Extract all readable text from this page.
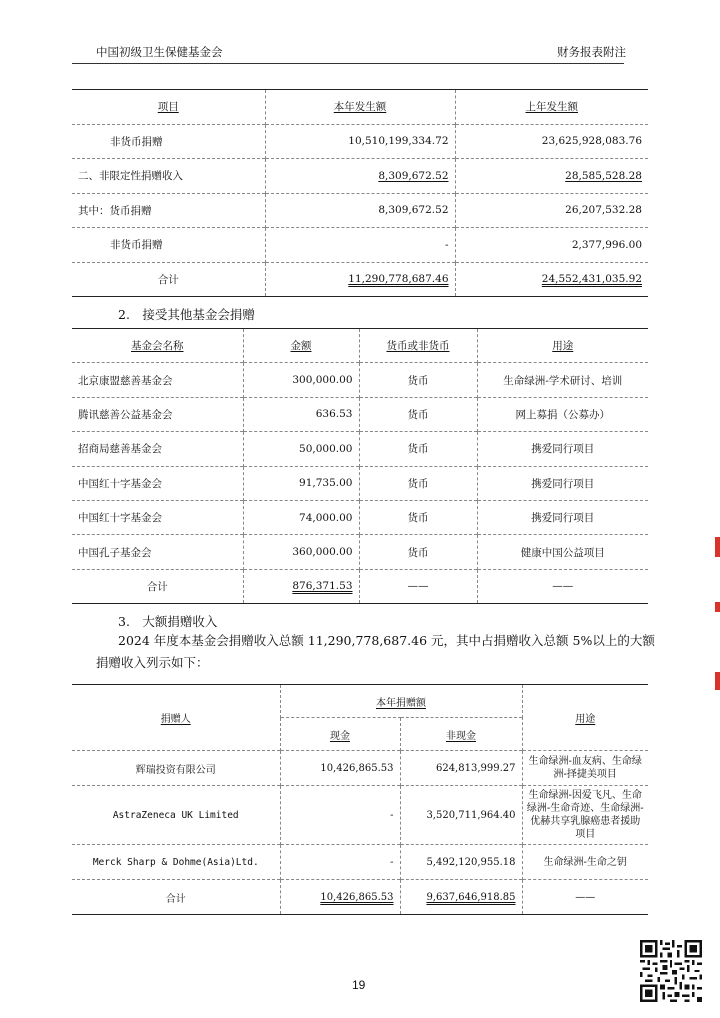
中国初级卫生保健基金会	财务报表附注
项目	本年发生额	上年发生额
非货币捐赠	10,510,199,334.72	23,625,928,083.76
二、非限定性捐赠收入	8,309,672.52	28,585,528.28
其中：货币捐赠	8,309,672.52	26,207,532.28
非货币捐赠	-	2,377,996.00
合计	11,290,778,687.46	24,552,431,035.92
2.　接受其他基金会捐赠
基金会名称	金额	货币或非货币	用途
北京康盟慈善基金会	300,000.00	货币	生命绿洲-学术研讨、培训
腾讯慈善公益基金会	636.53	货币	网上募捐（公募办）
招商局慈善基金会	50,000.00	货币	携爱同行项目
中国红十字基金会	91,735.00	货币	携爱同行项目
中国红十字基金会	74,000.00	货币	携爱同行项目
中国孔子基金会	360,000.00	货币	健康中国公益项目
合计	876,371.53	——	——
3.　大额捐赠收入
2024 年度本基金会捐赠收入总额 11,290,778,687.46 元，其中占捐赠收入总额 5%以上的大额
捐赠收入列示如下：
捐赠人	本年捐赠额		用途
	现金	非现金	
辉瑞投资有限公司	10,426,865.53	624,813,999.27	生命绿洲-血友病、生命绿洲-择捷美项目
AstraZeneca UK Limited	-	3,520,711,964.40	生命绿洲-因爱飞凡、生命绿洲-生命奇迹、生命绿洲-优赫共享乳腺癌患者援助项目
Merck Sharp & Dohme(Asia)Ltd.	-	5,492,120,955.18	生命绿洲-生命之钥
合计	10,426,865.53	9,637,646,918.85	——
19
